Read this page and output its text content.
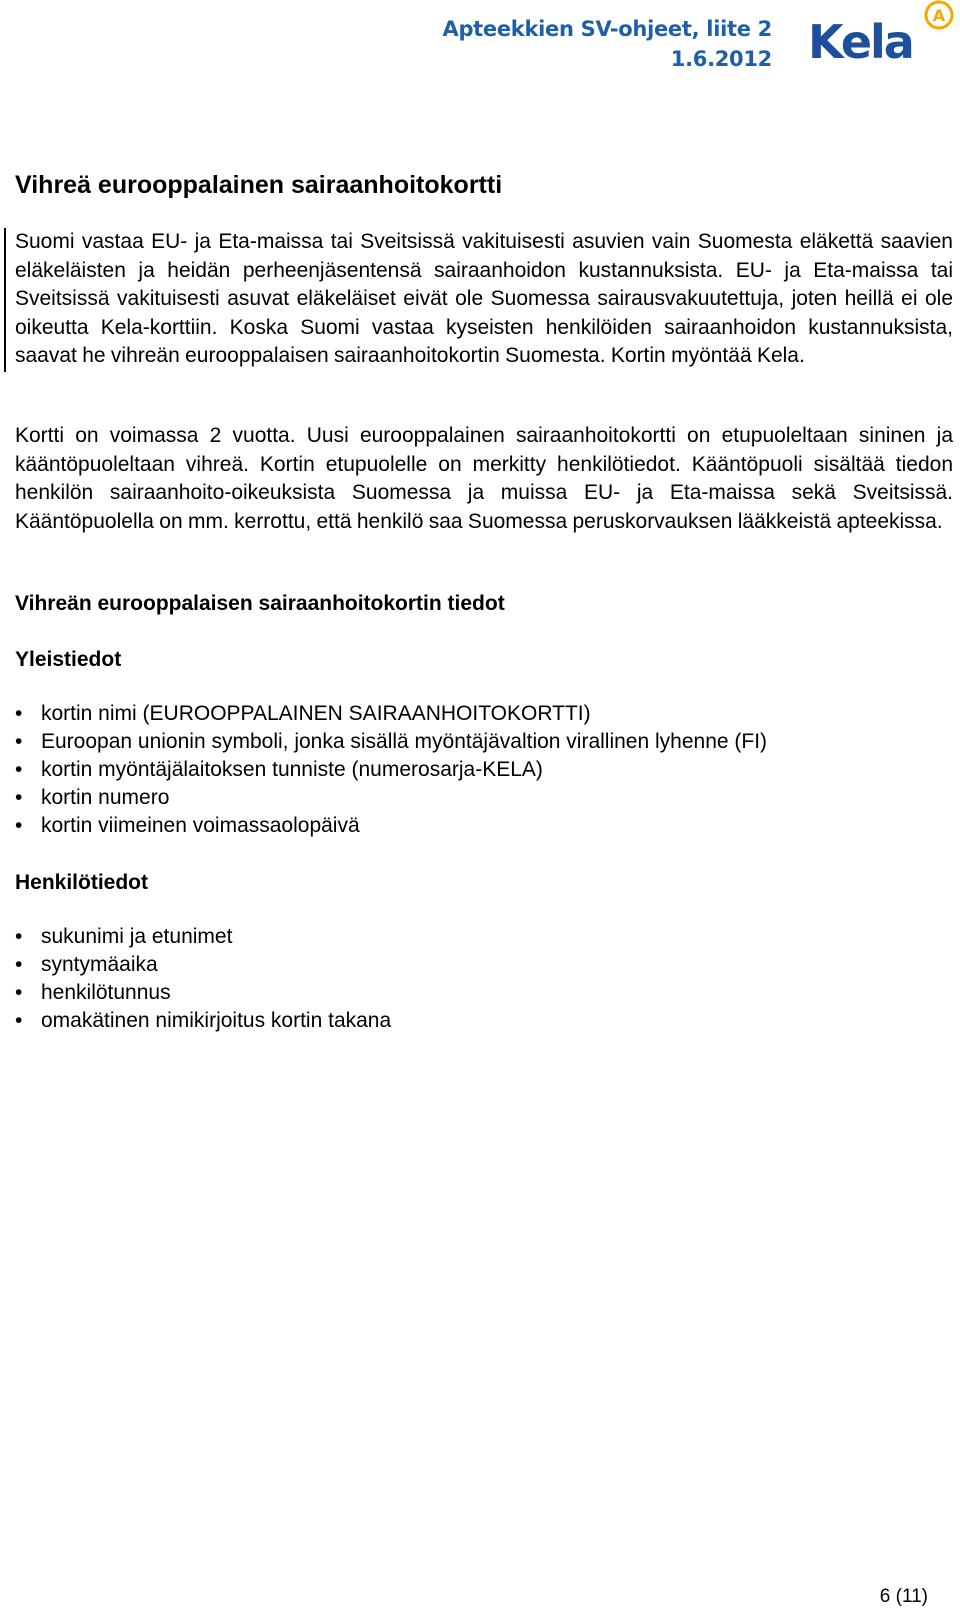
Apteekkien SV-ohjeet, liite 2
1.6.2012 Kela A
Vihreä eurooppalainen sairaanhoitokortti

Suomi vastaa EU- ja Eta-maissa tai Sveitsissä vakituisesti asuvien vain Suomesta eläkettä saavien eläkeläisten ja heidän perheenjäsentensä sairaanhoidon kustannuksista. EU- ja Eta-maissa tai Sveitsissä vakituisesti asuvat eläkeläiset eivät ole Suomessa sairausvakuutettuja, joten heillä ei ole oikeutta Kela-korttiin. Koska Suomi vastaa kyseisten henkilöiden sairaanhoidon kustannuksista, saavat he vihreän eurooppalaisen sairaanhoitokortin Suomesta. Kortin myöntää Kela.

Kortti on voimassa 2 vuotta. Uusi eurooppalainen sairaanhoitokortti on etupuoleltaan sininen ja kääntöpuoleltaan vihreä. Kortin etupuolelle on merkitty henkilötiedot. Kääntöpuoli sisältää tiedon henkilön sairaanhoito-oikeuksista Suomessa ja muissa EU- ja Eta-maissa sekä Sveitsissä. Kääntöpuolella on mm. kerrottu, että henkilö saa Suomessa peruskorvauksen lääkkeistä apteekissa.

Vihreän eurooppalaisen sairaanhoitokortin tiedot
Yleistiedot
• kortin nimi (EUROOPPALAINEN SAIRAANHOITOKORTTI)
• Euroopan unionin symboli, jonka sisällä myöntäjävaltion virallinen lyhenne (FI)
• kortin myöntäjälaitoksen tunniste (numerosarja-KELA)
• kortin numero
• kortin viimeinen voimassaolopäivä
Henkilötiedot
• sukunimi ja etunimet
• syntymäaika
• henkilötunnus
• omakätinen nimikirjoitus kortin takana
6 (11)
